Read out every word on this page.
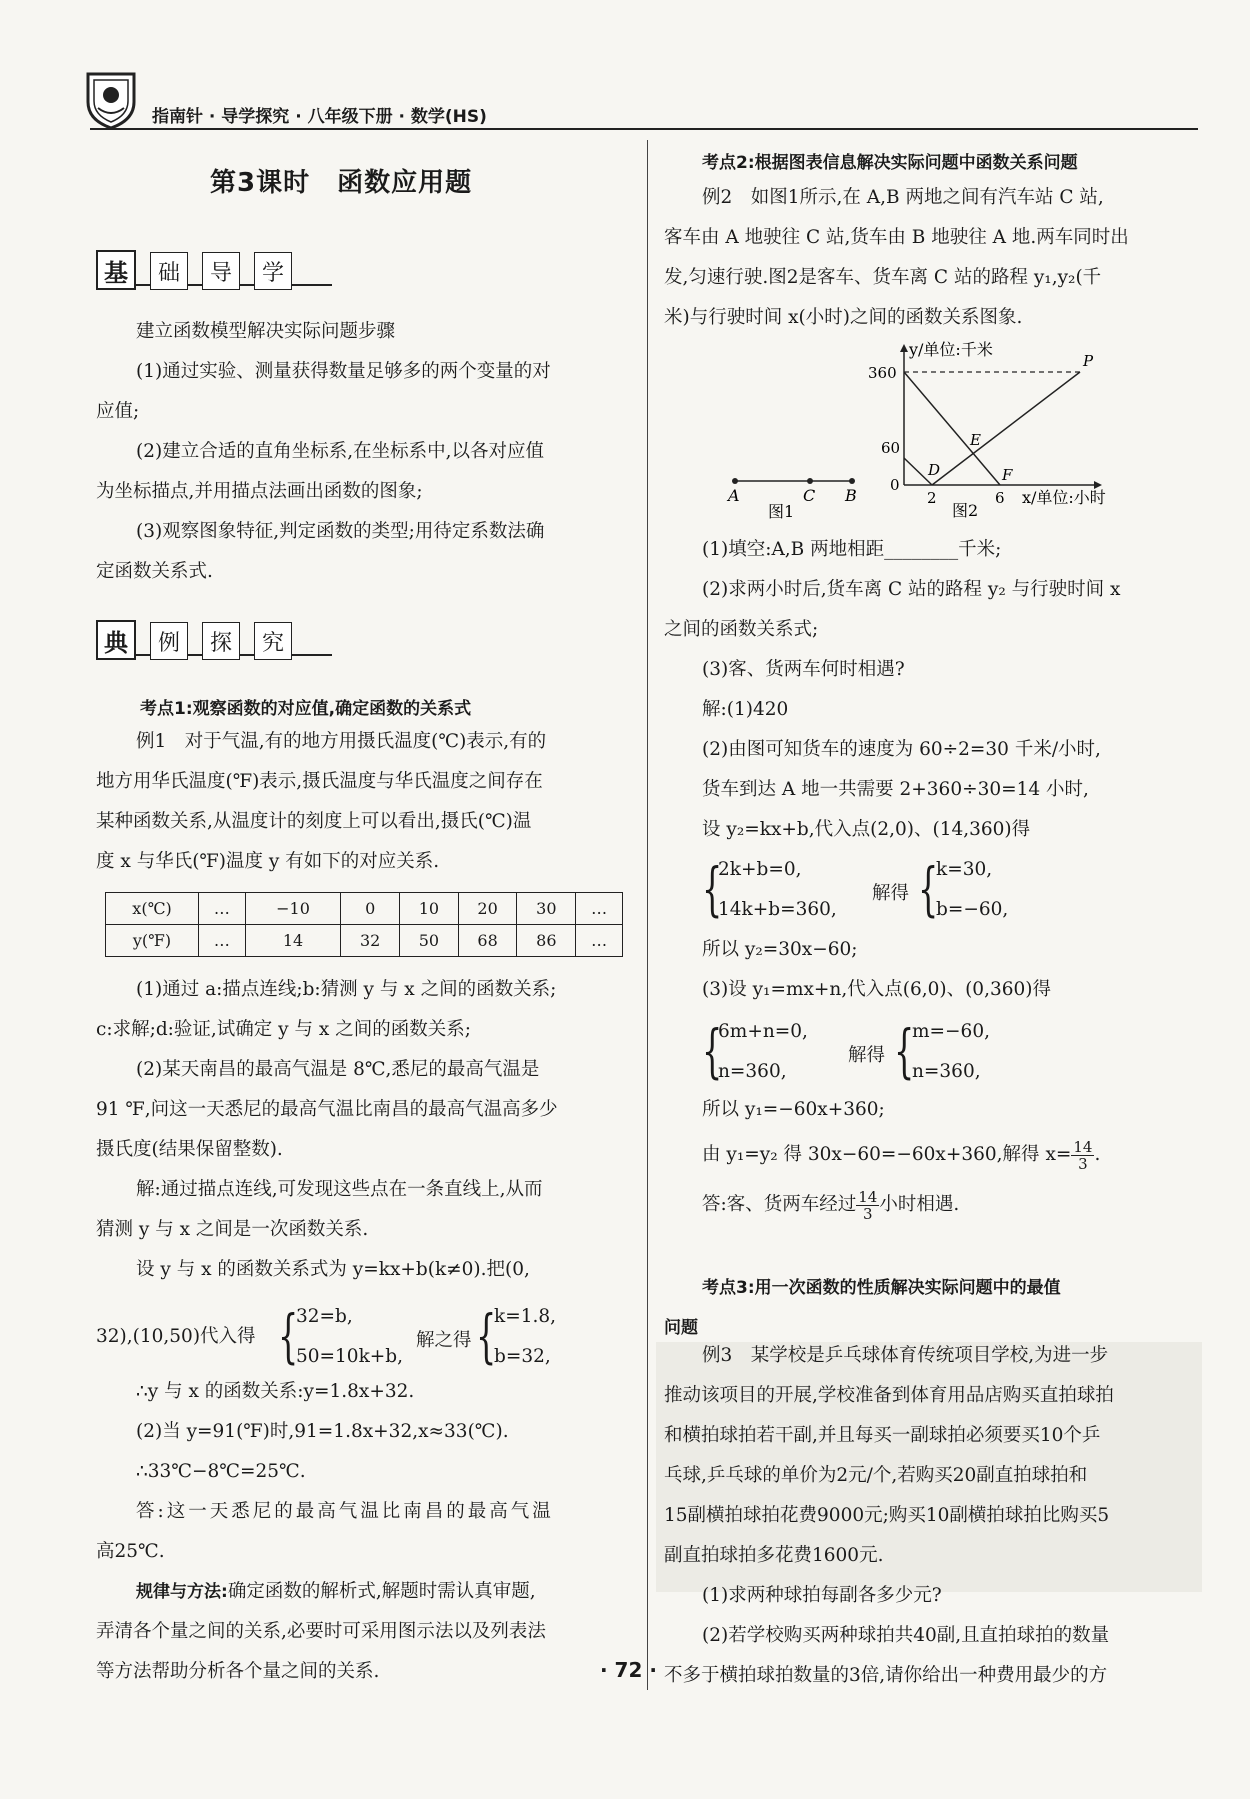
指南针 · 导学探究 · 八年级下册 · 数学(HS)
第3课时　函数应用题
基	础	导	学
建立函数模型解决实际问题步骤
(1)通过实验、测量获得数量足够多的两个变量的对
应值;
(2)建立合适的直角坐标系,在坐标系中,以各对应值
为坐标描点,并用描点法画出函数的图象;
(3)观察图象特征,判定函数的类型;用待定系数法确
定函数关系式.
典	例	探	究
考点1:观察函数的对应值,确定函数的关系式
例1　对于气温,有的地方用摄氏温度(℃)表示,有的
地方用华氏温度(℉)表示,摄氏温度与华氏温度之间存在
某种函数关系,从温度计的刻度上可以看出,摄氏(℃)温
度 x 与华氏(℉)温度 y 有如下的对应关系.
x(℃)	…	−10	0	10	20	30	…
y(℉)	…	14	32	50	68	86	…
(1)通过 a:描点连线;b:猜测 y 与 x 之间的函数关系;
c:求解;d:验证,试确定 y 与 x 之间的函数关系;
(2)某天南昌的最高气温是 8℃,悉尼的最高气温是
91 ℉,问这一天悉尼的最高气温比南昌的最高气温高多少
摄氏度(结果保留整数).
解:通过描点连线,可发现这些点在一条直线上,从而
猜测 y 与 x 之间是一次函数关系.
设 y 与 x 的函数关系式为 y=kx+b(k≠0).把(0,
32),(10,50)代入得 {
32=b,
50=10k+b,
解之得 {
k=1.8,
b=32,
∴y 与 x 的函数关系:y=1.8x+32.
(2)当 y=91(℉)时,91=1.8x+32,x≈33(℃).
∴33℃−8℃=25℃.
答:这一天悉尼的最高气温比南昌的最高气温
高25℃.
规律与方法:确定函数的解析式,解题时需认真审题,
弄清各个量之间的关系,必要时可采用图示法以及列表法
等方法帮助分析各个量之间的关系.
考点2:根据图表信息解决实际问题中函数关系问题
例2　如图1所示,在 A,B 两地之间有汽车站 C 站,
客车由 A 地驶往 C 站,货车由 B 地驶往 A 地.两车同时出
发,匀速行驶.图2是客车、货车离 C 站的路程 y₁,y₂(千
米)与行驶时间 x(小时)之间的函数关系图象.
A	C B
图1
y/单位:千米
360
60
0
2	6 x/单位:小时
P
E
D	F
图2
(1)填空:A,B 两地相距________千米;
(2)求两小时后,货车离 C 站的路程 y₂ 与行驶时间 x
之间的函数关系式;
(3)客、货两车何时相遇?
解:(1)420
(2)由图可知货车的速度为 60÷2=30 千米/小时,
货车到达 A 地一共需要 2+360÷30=14 小时,
设 y₂=kx+b,代入点(2,0)、(14,360)得
{
2k+b=0,
14k+b=360,
解得 {
k=30,
b=−60,
所以 y₂=30x−60;
(3)设 y₁=mx+n,代入点(6,0)、(0,360)得
{
6m+n=0,
n=360,
解得 {
m=−60,
n=360,
所以 y₁=−60x+360;
由 y₁=y₂ 得 30x−60=−60x+360,解得 $x= \frac{14}{3}$ .
答:客、货两车经过 $\frac{14}{3}$ 小时相遇.
考点3:用一次函数的性质解决实际问题中的最值
问题
例3　某学校是乒乓球体育传统项目学校,为进一步
推动该项目的开展,学校准备到体育用品店购买直拍球拍
和横拍球拍若干副,并且每买一副球拍必须要买10个乒
乓球,乒乓球的单价为2元/个,若购买20副直拍球拍和
15副横拍球拍花费9000元;购买10副横拍球拍比购买5
副直拍球拍多花费1600元.
(1)求两种球拍每副各多少元?
(2)若学校购买两种球拍共40副,且直拍球拍的数量
不多于横拍球拍数量的3倍,请你给出一种费用最少的方
· 72 ·
